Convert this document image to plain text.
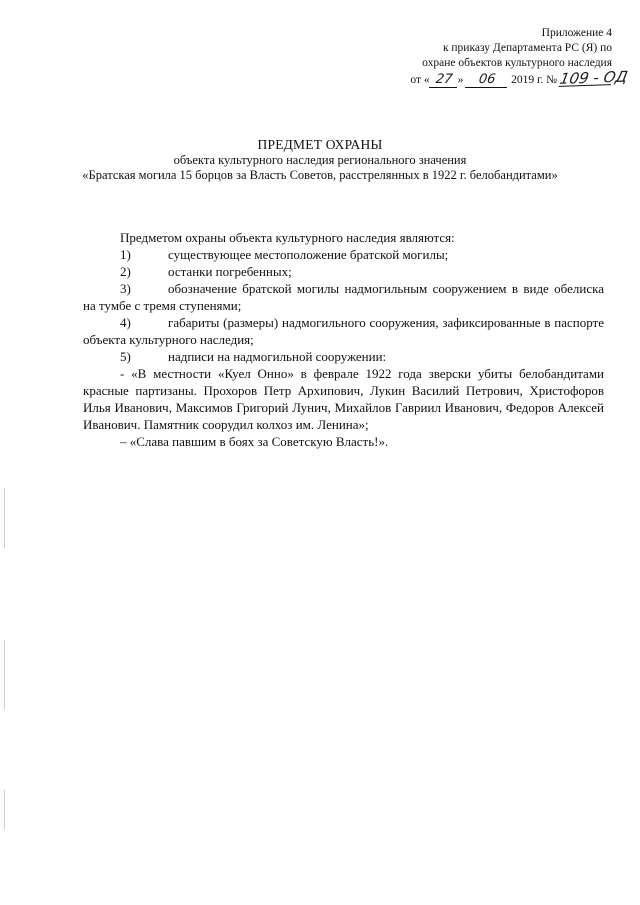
Приложение 4
к приказу Департамента РС (Я) по
охране объектов культурного наследия
от « 27 » 06 2019 г. № 109 - ОД
ПРЕДМЕТ ОХРАНЫ
объекта культурного наследия регионального значения
«Братская могила 15 борцов за Власть Советов, расстрелянных в 1922 г. белобандитами»

Предметом охраны объекта культурного наследия являются:

1)	существующее местоположение братской могилы;

2)	останки погребенных;

3)	обозначение братской могилы надмогильным сооружением в виде обелиска на тумбе с тремя ступенями;

4)	габариты (размеры) надмогильного сооружения, зафиксированные в паспорте объекта культурного наследия;

5)	надписи на надмогильной сооружении:

- «В местности «Куел Онно» в феврале 1922 года зверски убиты белобандитами красные партизаны. Прохоров Петр Архипович, Лукин Василий Петрович, Христофоров Илья Иванович, Максимов Григорий Лунич, Михайлов Гавриил Иванович, Федоров Алексей Иванович. Памятник соорудил колхоз им. Ленина»;

– «Слава павшим в боях за Советскую Власть!».
